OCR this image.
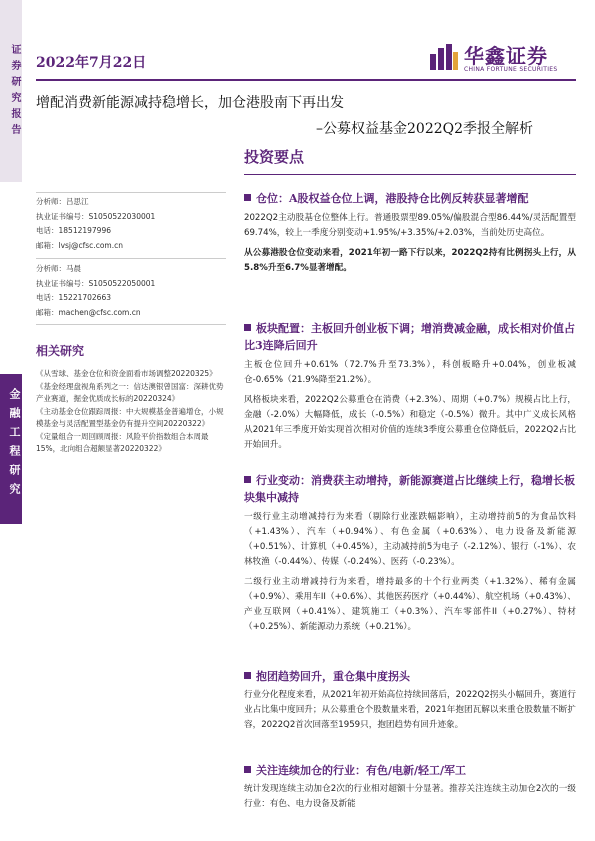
证券研究报告
金融工程研究
2022年7月22日	华鑫证券
CHINA FORTUNE SECURITIES
增配消费新能源减持稳增长，加仓港股南下再出发
–公募权益基金2022Q2季报全解析
投资要点
分析师：吕思江
执业证书编号：S1050522030001
电话：18512197996
邮箱：lvsj@cfsc.com.cn
分析师：马晨
执业证书编号：S1050522050001
电话：15221702663
邮箱：machen@cfsc.com.cn
相关研究
《从雪球、基金仓位和资金面看市场调整20220325》
《基金经理盘视角系列之一：信达澳银曾国富：深耕优势产业赛道，掘金优质成长标的20220324》
《主动基金仓位跟踪周报：中大规模基金普遍增仓，小规模基金与灵活配置型基金仍有提升空间20220322》
《定量组合一周回顾周报：风险平价指数组合本周最15%，北向组合超额显著20220322》
仓位：A股权益仓位上调，港股持仓比例反转获显著增配
2022Q2主动股基仓位整体上行。普通股票型89.05%/偏股混合型86.44%/灵活配置型69.74%，较上一季度分别变动+1.95%/+3.35%/+2.03%，当前处历史高位。
从公募港股仓位变动来看，2021年初一路下行以来，2022Q2持有比例拐头上行，从5.8%升至6.7%显著增配。
板块配置：主板回升创业板下调；增消费减金融，成长相对价值占比3连降后回升
主板仓位回升+0.61%（72.7%升至73.3%），科创板略升+0.04%，创业板减仓-0.65%（21.9%降至21.2%）。
风格板块来看，2022Q2公募重仓在消费（+2.3%）、周期（+0.7%）规模占比上行，金融（-2.0%）大幅降低，成长（-0.5%）和稳定（-0.5%）微升。其中广义成长风格从2021年三季度开始实现首次相对价值的连续3季度公募重仓位降低后，2022Q2占比开始回升。
行业变动：消费获主动增持，新能源赛道占比继续上行，稳增长板块集中减持
一级行业主动增减持行为来看（剔除行业涨跌幅影响），主动增持前5的为食品饮料（+1.43%）、汽车（+0.94%）、有色金属（+0.63%）、电力设备及新能源（+0.51%）、计算机（+0.45%），主动减持前5为电子（-2.12%）、银行（-1%）、农林牧渔（-0.44%）、传媒（-0.24%）、医药（-0.23%）。
二级行业主动增减持行为来看，增持最多的十个行业两类（+1.32%）、稀有金属（+0.9%）、乘用车II（+0.6%）、其他医药医疗（+0.44%）、航空机场（+0.43%）、产业互联网（+0.41%）、建筑施工（+0.3%）、汽车零部件II（+0.27%）、特材（+0.25%）、新能源动力系统（+0.21%）。
抱团趋势回升，重仓集中度拐头
行业分化程度来看，从2021年初开始高位持续回落后，2022Q2拐头小幅回升，赛道行业占比集中度回升；从公募重仓个股数量来看，2021年抱团瓦解以来重仓股数量不断扩容，2022Q2首次回落至1959只，抱团趋势有回升迹象。
关注连续加仓的行业：有色/电新/轻工/军工
统计发现连续主动加仓2次的行业相对超额十分显著。推荐关注连续主动加仓2次的一级行业：有色、电力设备及新能
